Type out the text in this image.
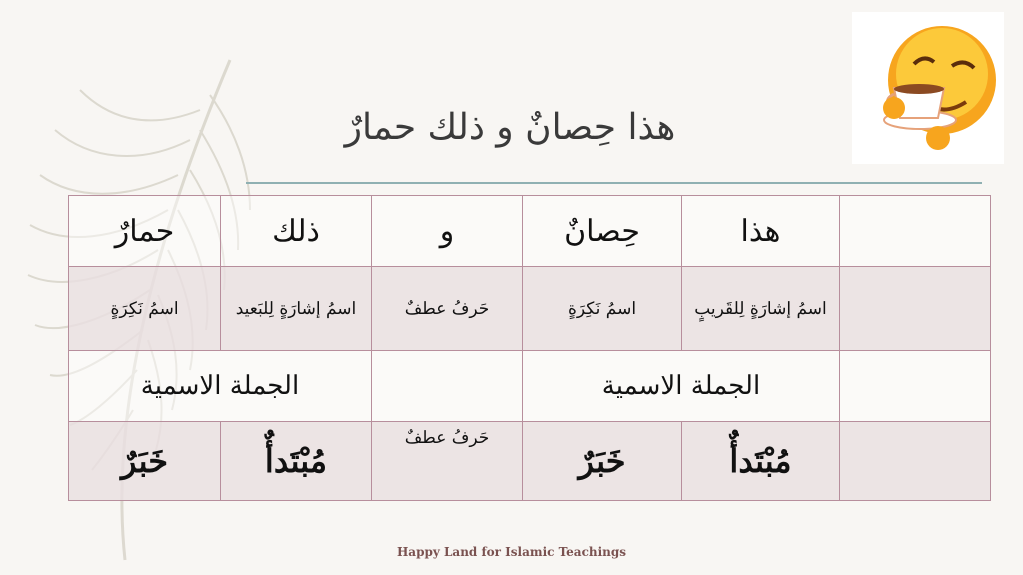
هذا حِصانٌ و ذلك حمارٌ
	هذا	حِصانٌ	و	ذلك	حمارٌ
	اسمُ إشارَةٍ لِلقَريبٍ	اسمُ نَكِرَةٍ	حَرفُ عطفٌ	اسمُ إشارَةٍ لِلبَعيد	اسمُ نَكِرَةٍ
	الجملة الاسمية			الجملة الاسمية	
	مُبْتَدأٌ	خَبَرٌ	حَرفُ عطفٌ	مُبْتَدأٌ	خَبَرٌ
Happy Land for Islamic Teachings
